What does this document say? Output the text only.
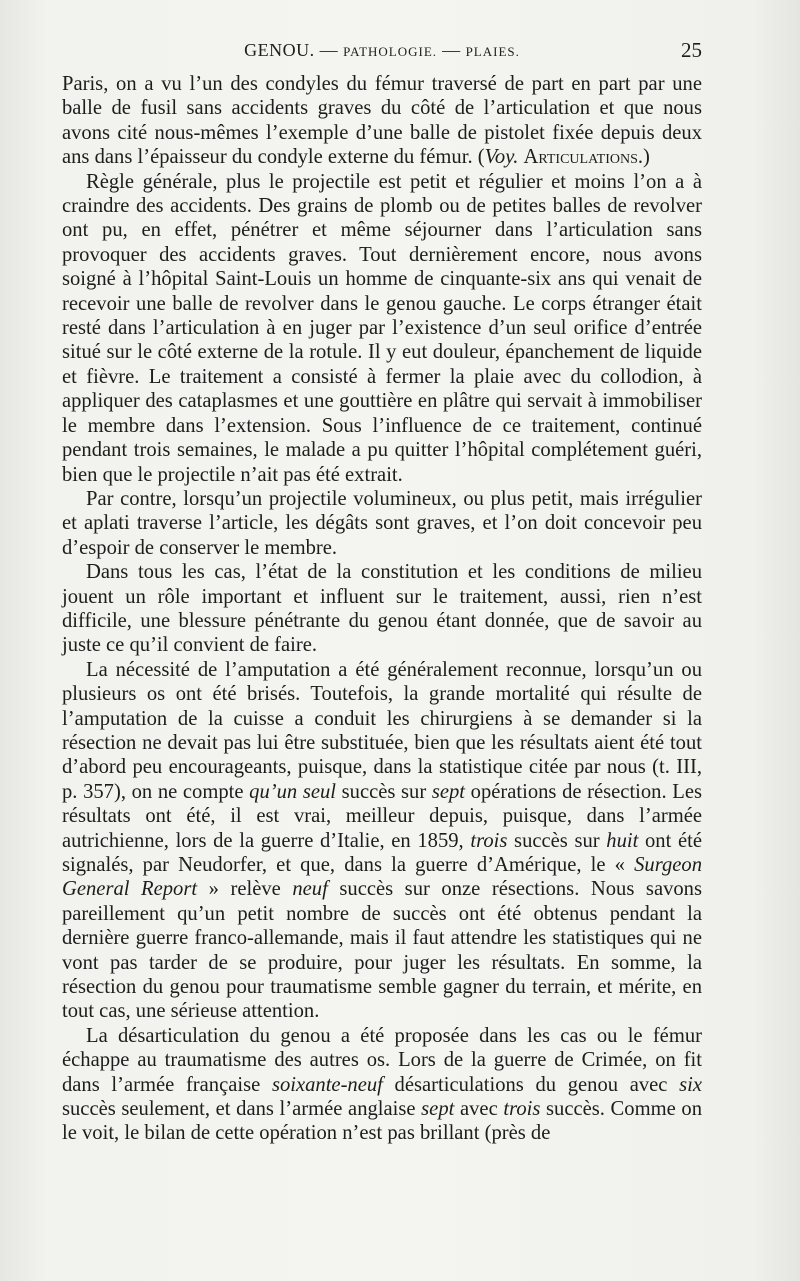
GENOU. — PATHOLOGIE. — PLAIES.	25

Paris, on a vu l’un des condyles du fémur traversé de part en part par une balle de fusil sans accidents graves du côté de l’articulation et que nous avons cité nous-mêmes l’exemple d’une balle de pistolet fixée depuis deux ans dans l’épaisseur du condyle externe du fémur. (Voy. Articulations.)

Règle générale, plus le projectile est petit et régulier et moins l’on a à craindre des accidents. Des grains de plomb ou de petites balles de revolver ont pu, en effet, pénétrer et même séjourner dans l’articulation sans provoquer des accidents graves. Tout dernièrement encore, nous avons soigné à l’hôpital Saint-Louis un homme de cinquante-six ans qui venait de recevoir une balle de revolver dans le genou gauche. Le corps étranger était resté dans l’articulation à en juger par l’existence d’un seul orifice d’entrée situé sur le côté externe de la rotule. Il y eut douleur, épanchement de liquide et fièvre. Le traitement a consisté à fermer la plaie avec du collodion, à appliquer des cataplasmes et une gouttière en plâtre qui servait à immobiliser le membre dans l’extension. Sous l’influence de ce traitement, continué pendant trois semaines, le malade a pu quitter l’hôpital complétement guéri, bien que le projectile n’ait pas été extrait.

Par contre, lorsqu’un projectile volumineux, ou plus petit, mais irrégulier et aplati traverse l’article, les dégâts sont graves, et l’on doit concevoir peu d’espoir de conserver le membre.

Dans tous les cas, l’état de la constitution et les conditions de milieu jouent un rôle important et influent sur le traitement, aussi, rien n’est difficile, une blessure pénétrante du genou étant donnée, que de savoir au juste ce qu’il convient de faire.

La nécessité de l’amputation a été généralement reconnue, lorsqu’un ou plusieurs os ont été brisés. Toutefois, la grande mortalité qui résulte de l’amputation de la cuisse a conduit les chirurgiens à se demander si la résection ne devait pas lui être substituée, bien que les résultats aient été tout d’abord peu encourageants, puisque, dans la statistique citée par nous (t. III, p. 357), on ne compte qu’un seul succès sur sept opérations de résection. Les résultats ont été, il est vrai, meilleur depuis, puisque, dans l’armée autrichienne, lors de la guerre d’Italie, en 1859, trois succès sur huit ont été signalés, par Neudorfer, et que, dans la guerre d’Amérique, le « Surgeon General Report » relève neuf succès sur onze résections. Nous savons pareillement qu’un petit nombre de succès ont été obtenus pendant la dernière guerre franco-allemande, mais il faut attendre les statistiques qui ne vont pas tarder de se produire, pour juger les résultats. En somme, la résection du genou pour traumatisme semble gagner du terrain, et mérite, en tout cas, une sérieuse attention.

La désarticulation du genou a été proposée dans les cas ou le fémur échappe au traumatisme des autres os. Lors de la guerre de Crimée, on fit dans l’armée française soixante-neuf désarticulations du genou avec six succès seulement, et dans l’armée anglaise sept avec trois succès. Comme on le voit, le bilan de cette opération n’est pas brillant (près de
